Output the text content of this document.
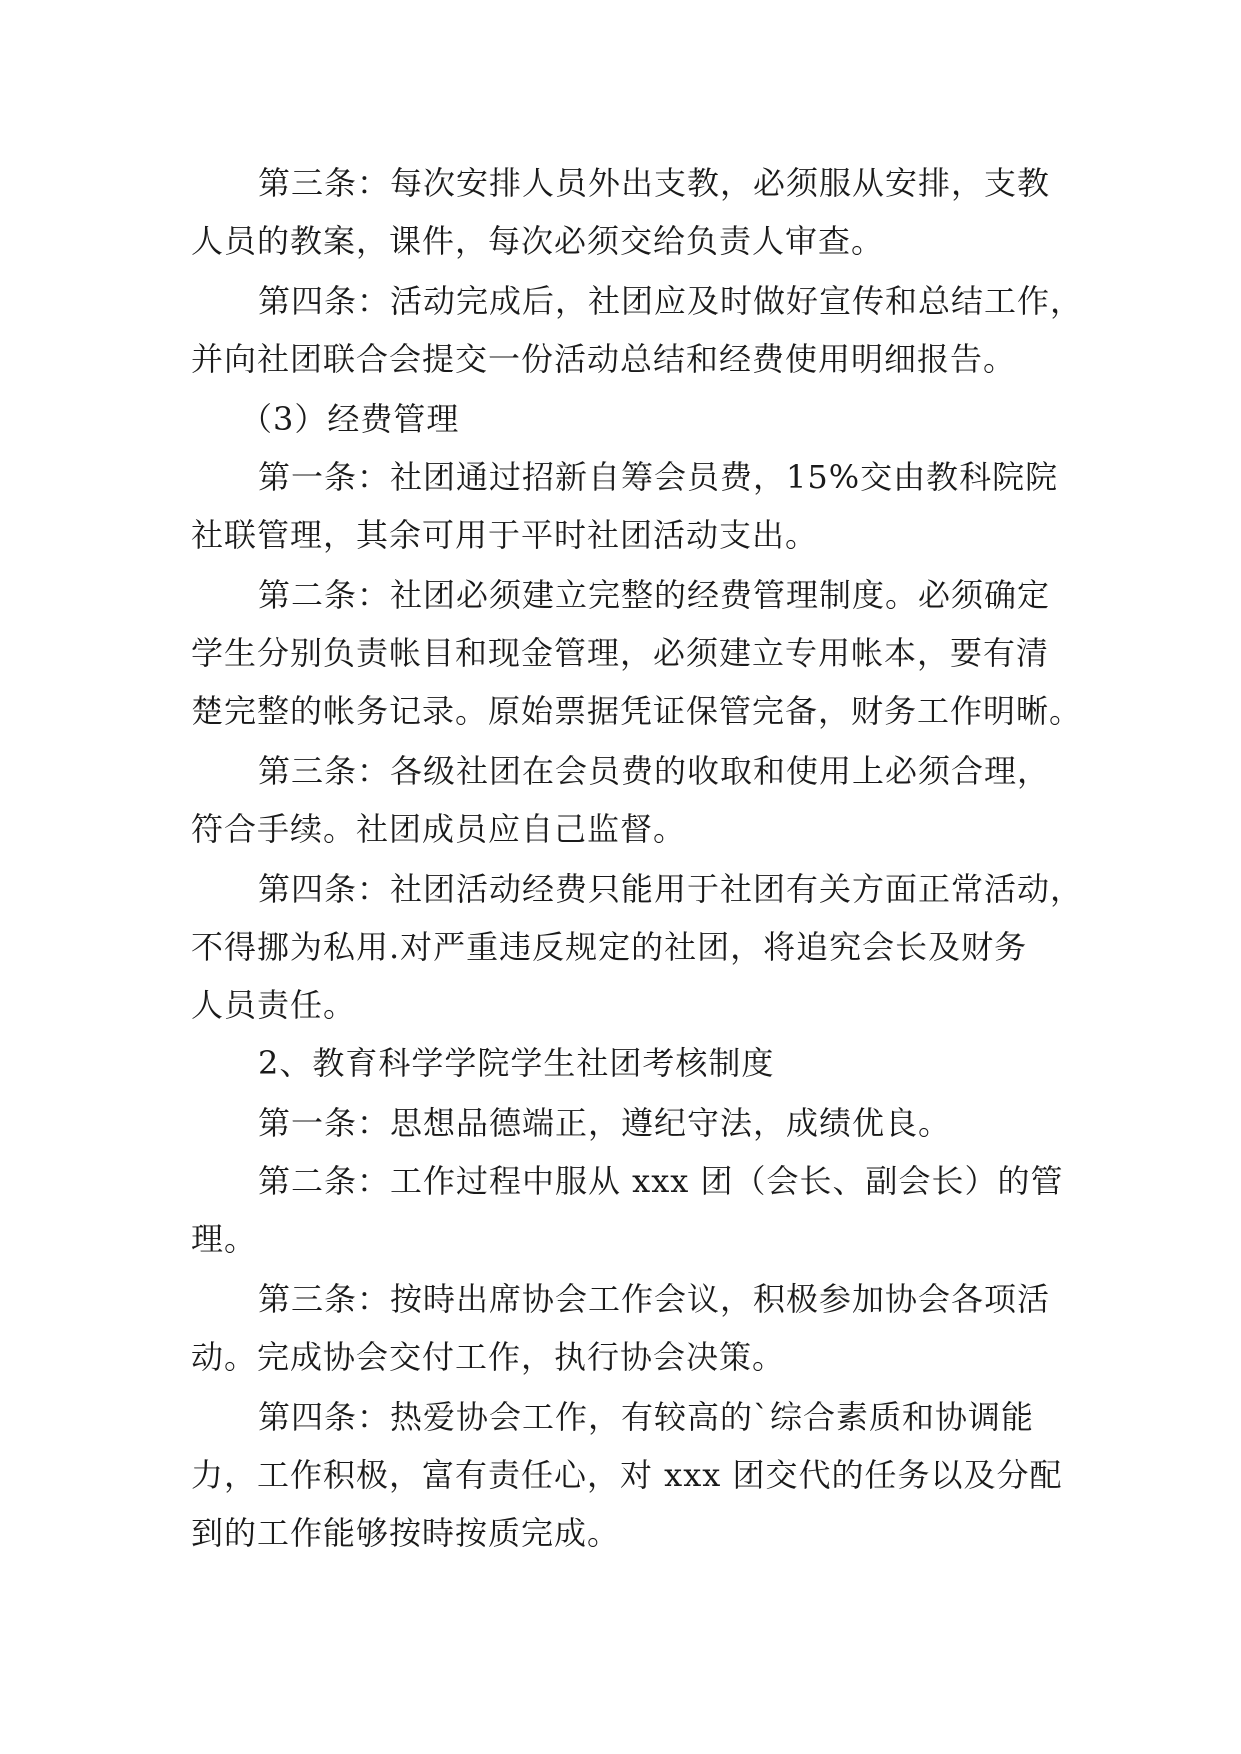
第三条：每次安排人员外出支教，必须服从安排，支教

人员的教案，课件，每次必须交给负责人审查。

第四条：活动完成后，社团应及时做好宣传和总结工作，

并向社团联合会提交一份活动总结和经费使用明细报告。

（3）经费管理

第一条：社团通过招新自筹会员费，15%交由教科院院

社联管理，其余可用于平时社团活动支出。

第二条：社团必须建立完整的经费管理制度。必须确定

学生分别负责帐目和现金管理，必须建立专用帐本，要有清

楚完整的帐务记录。原始票据凭证保管完备，财务工作明晰。

第三条：各级社团在会员费的收取和使用上必须合理，

符合手续。社团成员应自己监督。

第四条：社团活动经费只能用于社团有关方面正常活动，

不得挪为私用.对严重违反规定的社团，将追究会长及财务

人员责任。

2、教育科学学院学生社团考核制度

第一条：思想品德端正，遵纪守法，成绩优良。

第二条：工作过程中服从 xxx 团（会长、副会长）的管

理。

第三条：按時出席协会工作会议，积极参加协会各项活

动。完成协会交付工作，执行协会决策。

第四条：热爱协会工作，有较高的`综合素质和协调能

力，工作积极，富有责任心，对 xxx 团交代的任务以及分配

到的工作能够按時按质完成。
